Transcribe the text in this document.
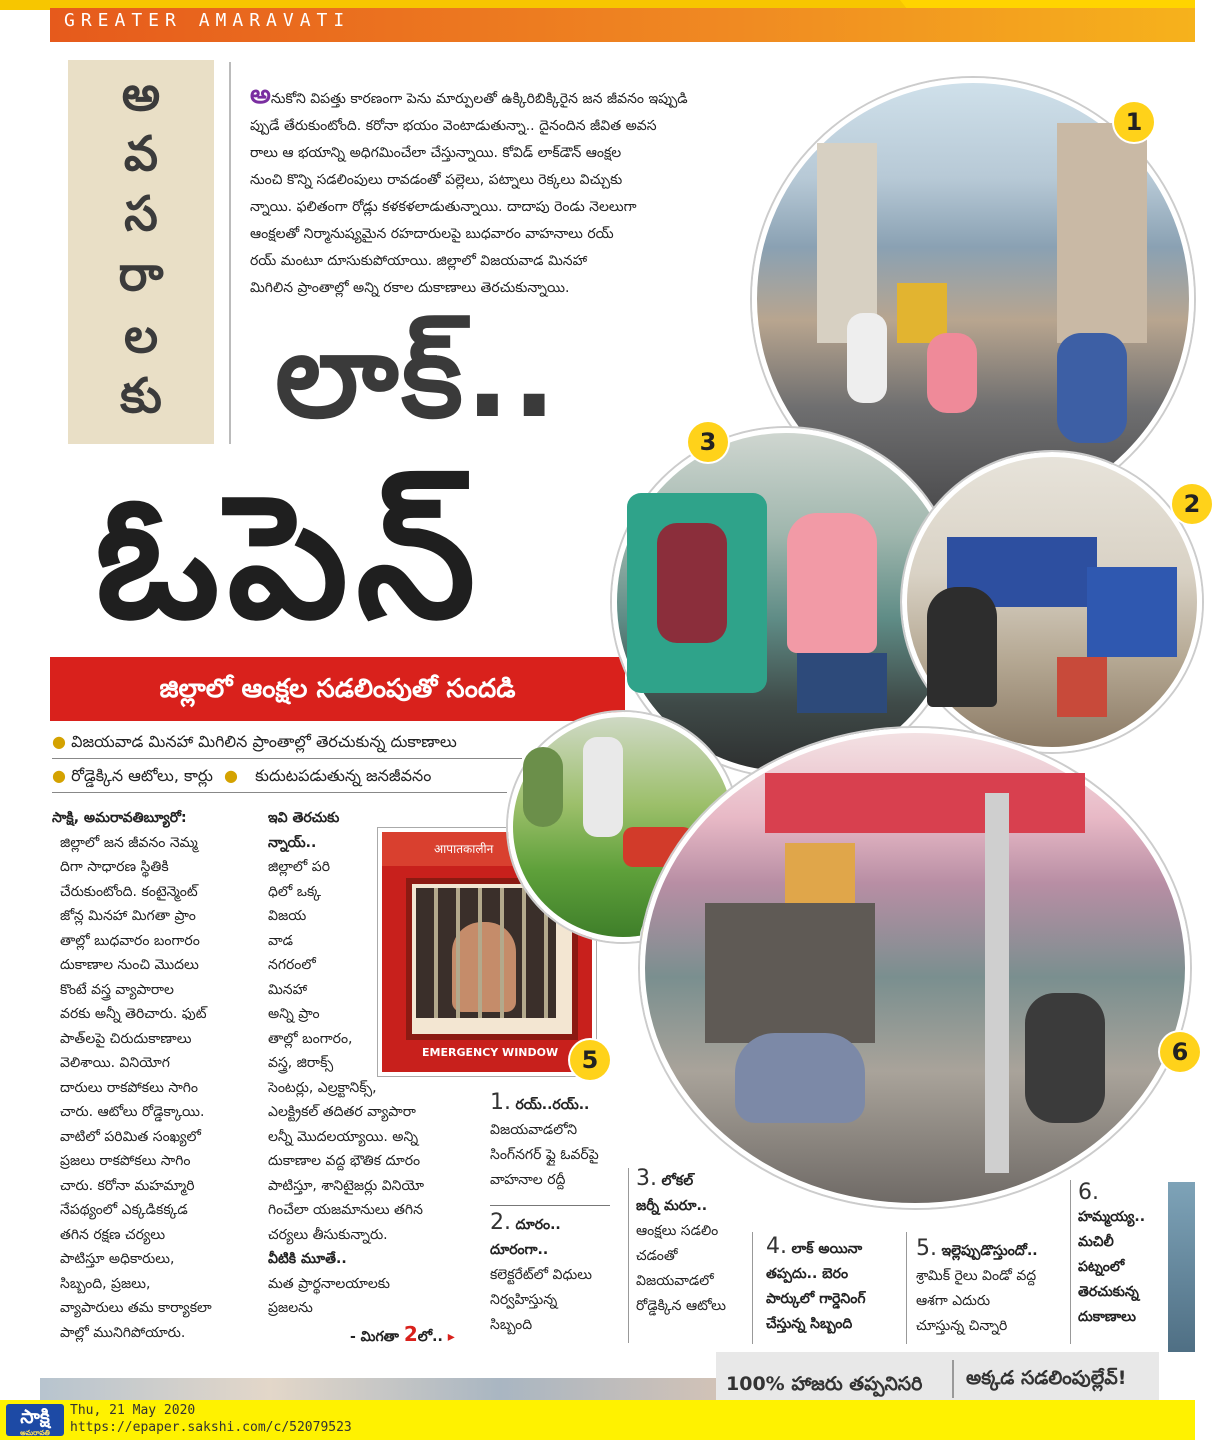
GREATER AMARAVATI
అ
వ
స
రా
ల
కు
అనుకోని విపత్తు కారణంగా పెను మార్పులతో ఉక్కిరిబిక్కిరైన జన జీవనం ఇప్పుడి
ప్పుడే తేరుకుంటోంది. కరోనా భయం వెంటాడుతున్నా.. దైనందిన జీవిత అవస
రాలు ఆ భయాన్ని అధిగమించేలా చేస్తున్నాయి. కోవిడ్ లాక్‌డౌన్ ఆంక్షల
నుంచి కొన్ని సడలింపులు రావడంతో పల్లెలు, పట్నాలు రెక్కలు విచ్చుకు
న్నాయి. ఫలితంగా రోడ్లు కళకళలాడుతున్నాయి. దాదాపు రెండు నెలలుగా
ఆంక్షలతో నిర్మానుష్యమైన రహదారులపై బుధవారం వాహనాలు రయ్
రయ్ మంటూ దూసుకుపోయాయి. జిల్లాలో విజయవాడ మినహా
మిగిలిన ప్రాంతాల్లో అన్ని రకాల దుకాణాలు తెరచుకున్నాయి.
లాక్..
ఓపెన్
జిల్లాలో ఆంక్షల సడలింపుతో సందడి
● విజయవాడ మినహా మిగిలిన ప్రాంతాల్లో తెరచుకున్న దుకాణాలు
● రోడ్డెక్కిన ఆటోలు, కార్లు ● కుదుటపడుతున్న జనజీవనం
సాక్షి, అమరావతిబ్యూరో:
జిల్లాలో జన జీవనం నెమ్మ
దిగా సాధారణ స్థితికి
చేరుకుంటోంది. కంటైన్మెంట్
జోన్ల మినహా మిగతా ప్రాం
తాల్లో బుధవారం బంగారం
దుకాణాల నుంచి మొదలు
కొంటే వస్త్ర వ్యాపారాల
వరకు అన్నీ తెరిచారు. ఫుట్
పాత్‌లపై చిరుదుకాణాలు
వెలిశాయి. వినియోగ
దారులు రాకపోకలు సాగిం
చారు. ఆటోలు రోడ్డెక్కాయి.
వాటిలో పరిమిత సంఖ్యలో
ప్రజలు రాకపోకలు సాగిం
చారు. కరోనా మహమ్మారి
నేపథ్యంలో ఎక్కడికక్కడ
తగిన రక్షణ చర్యలు
పాటిస్తూ అధికారులు,
సిబ్బంది, ప్రజలు,
వ్యాపారులు తమ కార్యాకలా
పాల్లో మునిగిపోయారు.
ఇవి తెరచుకు
న్నాయ్..
జిల్లాలో పరి
ధిలో ఒక్క
విజయ
వాడ
నగరంలో
మినహా
అన్ని ప్రాం
తాల్లో బంగారం,
వస్త్ర, జిరాక్స్
సెంటర్లు, ఎల్రక్టానిక్స్,
ఎలక్ట్రికల్ తదితర వ్యాపారా
లన్నీ మొదలయ్యాయి. అన్ని
దుకాణాల వద్ద భౌతిక దూరం
పాటిస్తూ, శానిటైజర్లు వినియో
గించేలా యజమానులు తగిన
చర్యలు తీసుకున్నారు.
వీటికి మూతే..
మత ప్రార్థనాలయాలకు
ప్రజలను
- మిగతా 2లో.. ▸
आपातकालीन
EMERGENCY WINDOW
1
3
2
5	6
1. రయ్..రయ్..
విజయవాడలోని
సింగ్‌నగర్ ఫ్లై ఓవర్‌పై
వాహనాల రద్దీ
2. దూరం..
దూరంగా..
కలెక్టరేట్‌లో విధులు
నిర్వహిస్తున్న
సిబ్బంది
3. లోకల్
జర్నీ మరూ..
ఆంక్షలు సడలిం
చడంతో
విజయవాడలో
రోడ్డెక్కిన ఆటోలు
4. లాక్ అయినా
తప్పదు.. బెరం
పార్కులో గార్డెనింగ్
చేస్తున్న సిబ్బంది
5. ఇల్లెప్పుడొస్తుందో..
శ్రామిక్ రైలు విండో వద్ద
ఆశగా ఎదురు
చూస్తున్న చిన్నారి
6.
హమ్మయ్య..
మచిలీ
పట్నంలో
తెరచుకున్న
దుకాణాలు
100% హాజరు తప్పనిసరి అక్కడ సడలింపుల్లేవ్!
సాక్షి
అమరావతి
Thu, 21 May 2020
https://epaper.sakshi.com/c/52079523
